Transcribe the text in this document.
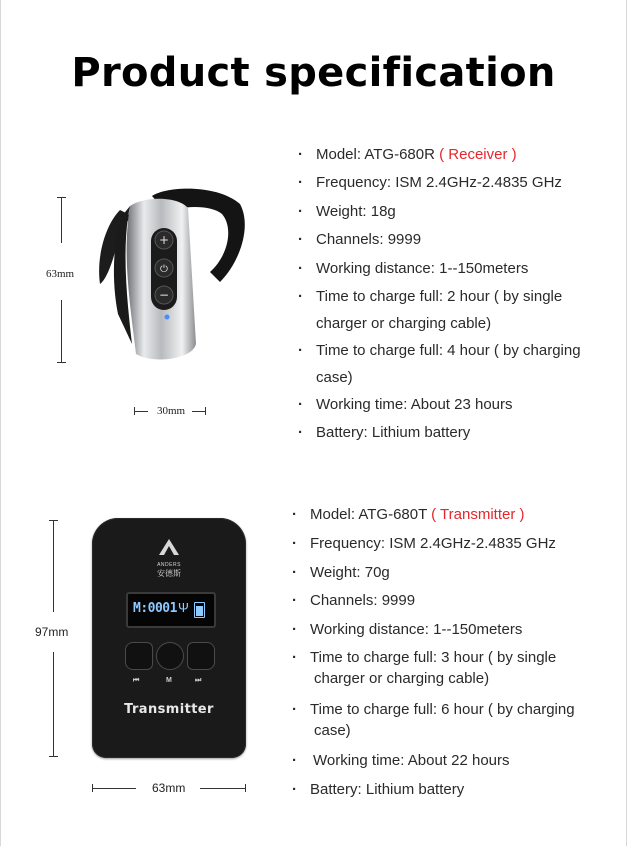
Product specification
63mm
30mm
+
⏻
−
· Model: ATG-680R ( Receiver )
· Frequency: ISM 2.4GHz-2.4835 GHz
· Weight: 18g
· Channels: 9999
· Working distance: 1--150meters
· Time to charge full: 2 hour ( by single
charger or charging cable)
· Time to charge full: 4 hour ( by charging
case)
· Working time: About 23 hours
· Battery: Lithium battery
97mm
63mm
ANDERS
安德斯
M:0001 Ψ
⏮	M	⏭
Transmitter
· Model: ATG-680T ( Transmitter )
· Frequency: ISM 2.4GHz-2.4835 GHz
· Weight: 70g
· Channels: 9999
· Working distance: 1--150meters
· Time to charge full: 3 hour ( by single
charger or charging cable)
· Time to charge full: 6 hour ( by charging
case)
· Working time: About 22 hours
· Battery: Lithium battery
